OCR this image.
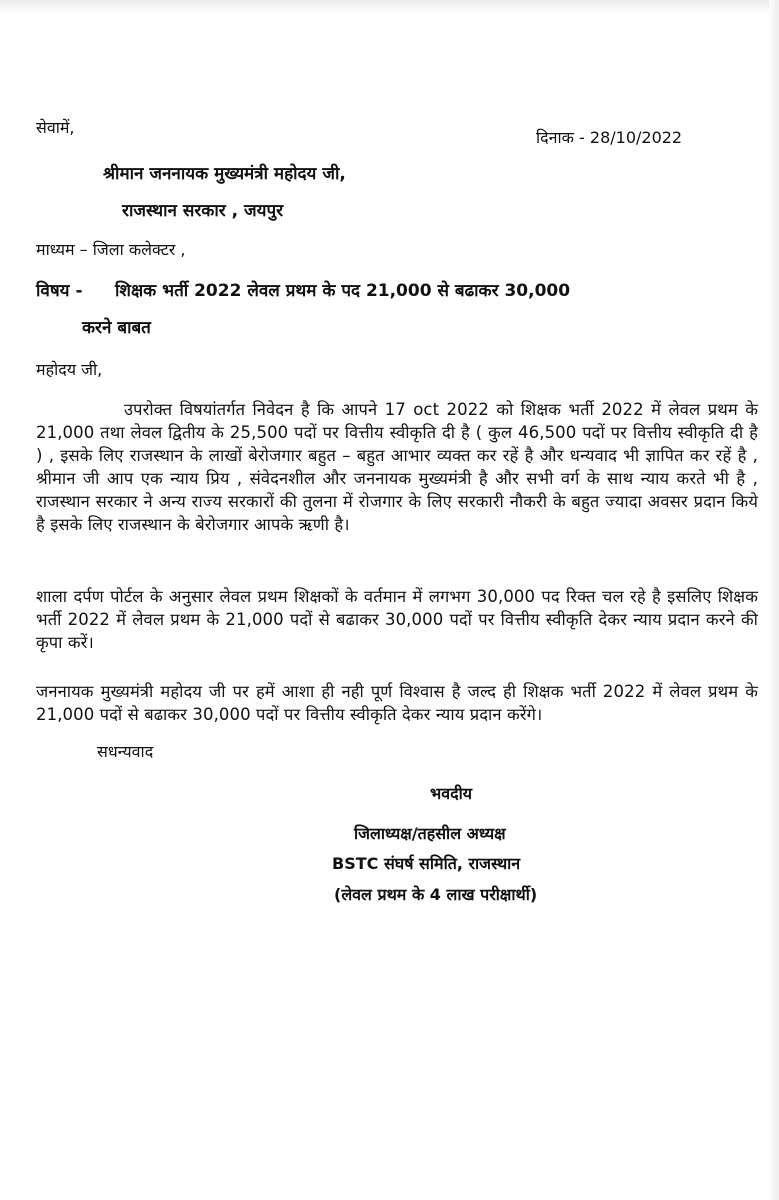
सेवामें,
दिनाक - 28/10/2022
श्रीमान जननायक मुख्यमंत्री महोदय जी,
राजस्थान सरकार , जयपुर
माध्यम – जिला कलेक्टर ,
विषय - शिक्षक भर्ती 2022 लेवल प्रथम के पद 21,000 से बढाकर 30,000
करने बाबत
महोदय जी,
उपरोक्त विषयांतर्गत निवेदन है कि आपने 17 oct 2022 को शिक्षक भर्ती 2022 में लेवल प्रथम के 21,000 तथा लेवल द्वितीय के 25,500 पदों पर वित्तीय स्वीकृति दी है ( कुल 46,500 पदों पर वित्तीय स्वीकृति दी है ) , इसके लिए राजस्थान के लाखों बेरोजगार बहुत – बहुत आभार व्यक्त कर रहें है और धन्यवाद भी ज्ञापित कर रहें है , श्रीमान जी आप एक न्याय प्रिय , संवेदनशील और जननायक मुख्यमंत्री है और सभी वर्ग के साथ न्याय करते भी है , राजस्थान सरकार ने अन्य राज्य सरकारों की तुलना में रोजगार के लिए सरकारी नौकरी के बहुत ज्यादा अवसर प्रदान किये है इसके लिए राजस्थान के बेरोजगार आपके ऋणी है।
शाला दर्पण पोर्टल के अनुसार लेवल प्रथम शिक्षकों के वर्तमान में लगभग 30,000 पद रिक्त चल रहे है इसलिए शिक्षक भर्ती 2022 में लेवल प्रथम के 21,000 पदों से बढाकर 30,000 पदों पर वित्तीय स्वीकृति देकर न्याय प्रदान करने की कृपा करें।
जननायक मुख्यमंत्री महोदय जी पर हमें आशा ही नही पूर्ण विश्वास है जल्द ही शिक्षक भर्ती 2022 में लेवल प्रथम के 21,000 पदों से बढाकर 30,000 पदों पर वित्तीय स्वीकृति देकर न्याय प्रदान करेंगे।
सधन्यवाद
भवदीय
जिलाध्यक्ष/तहसील अध्यक्ष
BSTC संघर्ष समिति, राजस्थान
(लेवल प्रथम के 4 लाख परीक्षार्थी)
